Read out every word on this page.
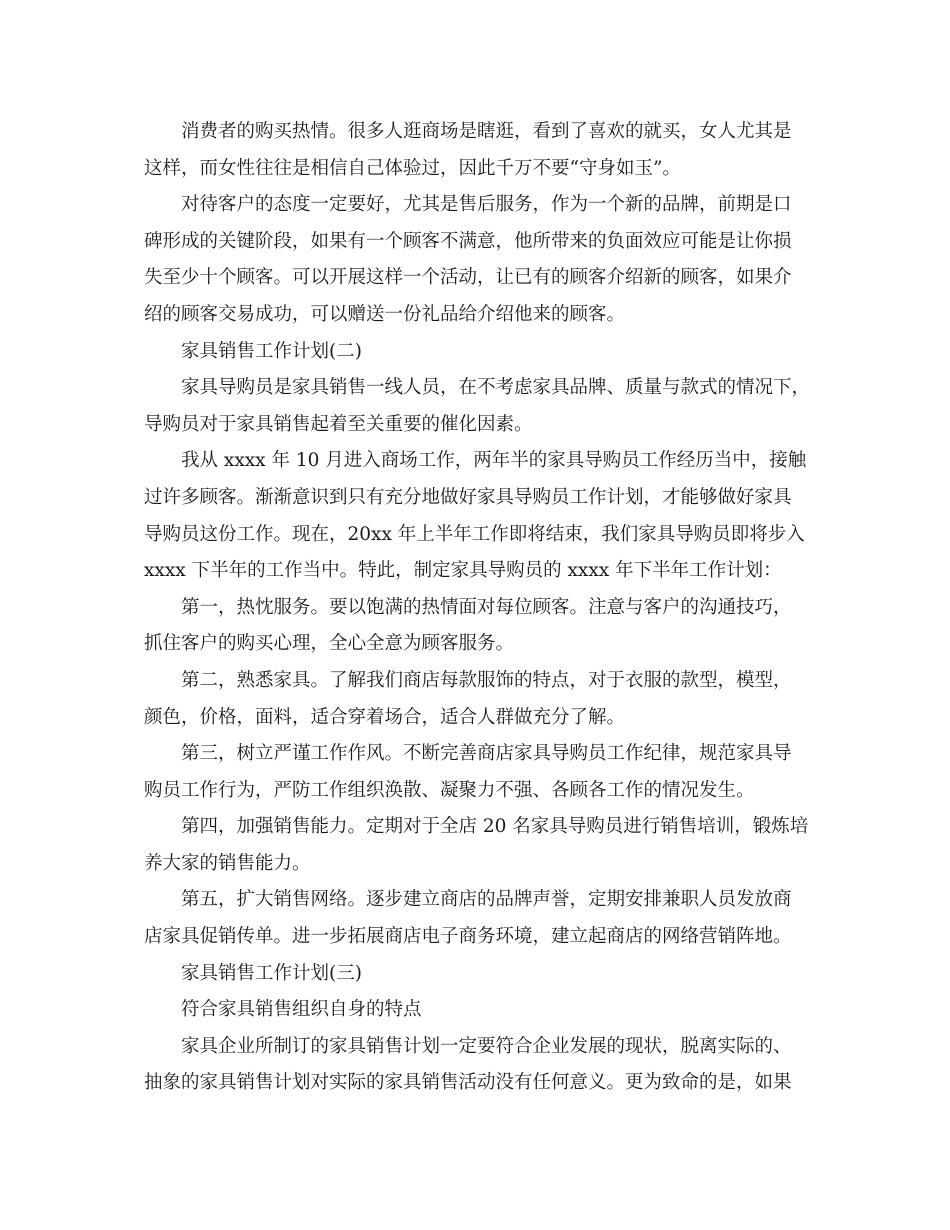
消费者的购买热情。很多人逛商场是瞎逛，看到了喜欢的就买，女人尤其是
这样，而女性往往是相信自己体验过，因此千万不要“守身如玉”。
对待客户的态度一定要好，尤其是售后服务，作为一个新的品牌，前期是口
碑形成的关键阶段，如果有一个顾客不满意，他所带来的负面效应可能是让你损
失至少十个顾客。可以开展这样一个活动，让已有的顾客介绍新的顾客，如果介
绍的顾客交易成功，可以赠送一份礼品给介绍他来的顾客。
家具销售工作计划(二)
家具导购员是家具销售一线人员，在不考虑家具品牌、质量与款式的情况下，
导购员对于家具销售起着至关重要的催化因素。
我从 xxxx 年 10 月进入商场工作，两年半的家具导购员工作经历当中，接触
过许多顾客。渐渐意识到只有充分地做好家具导购员工作计划，才能够做好家具
导购员这份工作。现在，20xx 年上半年工作即将结束，我们家具导购员即将步入
xxxx 下半年的工作当中。特此，制定家具导购员的 xxxx 年下半年工作计划：
第一，热忱服务。要以饱满的热情面对每位顾客。注意与客户的沟通技巧，
抓住客户的购买心理，全心全意为顾客服务。
第二，熟悉家具。了解我们商店每款服饰的特点，对于衣服的款型，模型，
颜色，价格，面料，适合穿着场合，适合人群做充分了解。
第三，树立严谨工作作风。不断完善商店家具导购员工作纪律，规范家具导
购员工作行为，严防工作组织涣散、凝聚力不强、各顾各工作的情况发生。
第四，加强销售能力。定期对于全店 20 名家具导购员进行销售培训，锻炼培
养大家的销售能力。
第五，扩大销售网络。逐步建立商店的品牌声誉，定期安排兼职人员发放商
店家具促销传单。进一步拓展商店电子商务环境，建立起商店的网络营销阵地。
家具销售工作计划(三)
符合家具销售组织自身的特点
家具企业所制订的家具销售计划一定要符合企业发展的现状，脱离实际的、
抽象的家具销售计划对实际的家具销售活动没有任何意义。更为致命的是，如果
